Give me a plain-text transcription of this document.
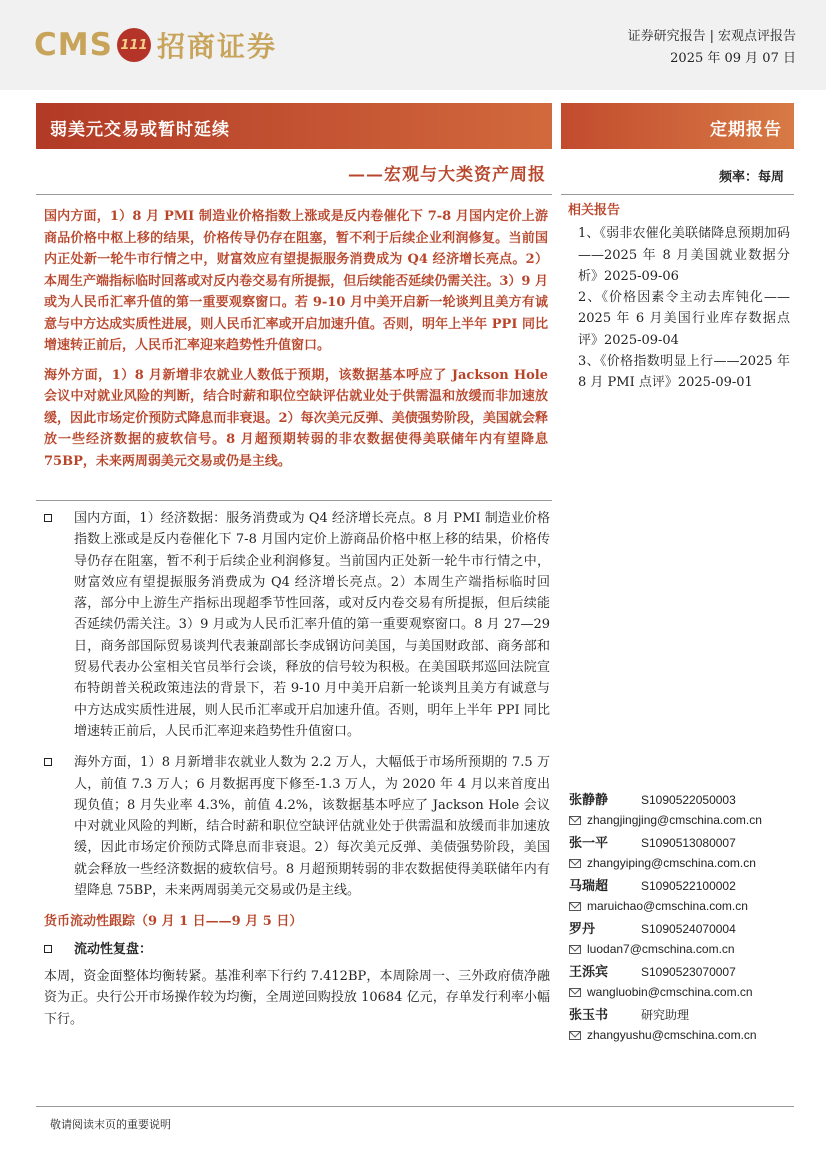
CMS 111 招商证券	证券研究报告 | 宏观点评报告
2025 年 09 月 07 日
弱美元交易或暂时延续	定期报告
——宏观与大类资产周报	频率：每周

国内方面，1）8 月 PMI 制造业价格指数上涨或是反内卷催化下 7-8 月国内定价上游商品价格中枢上移的结果，价格传导仍存在阻塞，暂不利于后续企业利润修复。当前国内正处新一轮牛市行情之中，财富效应有望提振服务消费成为 Q4 经济增长亮点。2）本周生产端指标临时回落或对反内卷交易有所提振，但后续能否延续仍需关注。3）9 月或为人民币汇率升值的第一重要观察窗口。若 9-10 月中美开启新一轮谈判且美方有诚意与中方达成实质性进展，则人民币汇率或开启加速升值。否则，明年上半年 PPI 同比增速转正前后，人民币汇率迎来趋势性升值窗口。

海外方面，1）8 月新增非农就业人数低于预期，该数据基本呼应了 Jackson Hole 会议中对就业风险的判断，结合时薪和职位空缺评估就业处于供需温和放缓而非加速放缓，因此市场定价预防式降息而非衰退。2）每次美元反弹、美债强势阶段，美国就会释放一些经济数据的疲软信号。8 月超预期转弱的非农数据使得美联储年内有望降息 75BP，未来两周弱美元交易或仍是主线。

国内方面，1）经济数据：服务消费或为 Q4 经济增长亮点。8 月 PMI 制造业价格指数上涨或是反内卷催化下 7-8 月国内定价上游商品价格中枢上移的结果，价格传导仍存在阻塞，暂不利于后续企业利润修复。当前国内正处新一轮牛市行情之中，财富效应有望提振服务消费成为 Q4 经济增长亮点。2）本周生产端指标临时回落，部分中上游生产指标出现超季节性回落，或对反内卷交易有所提振，但后续能否延续仍需关注。3）9 月或为人民币汇率升值的第一重要观察窗口。8 月 27—29 日，商务部国际贸易谈判代表兼副部长李成钢访问美国，与美国财政部、商务部和贸易代表办公室相关官员举行会谈，释放的信号较为积极。在美国联邦巡回法院宣布特朗普关税政策违法的背景下，若 9-10 月中美开启新一轮谈判且美方有诚意与中方达成实质性进展，则人民币汇率或开启加速升值。否则，明年上半年 PPI 同比增速转正前后，人民币汇率迎来趋势性升值窗口。
海外方面，1）8 月新增非农就业人数为 2.2 万人，大幅低于市场所预期的 7.5 万人，前值 7.3 万人；6 月数据再度下修至-1.3 万人，为 2020 年 4 月以来首度出现负值；8 月失业率 4.3%，前值 4.2%，该数据基本呼应了 Jackson Hole 会议中对就业风险的判断，结合时薪和职位空缺评估就业处于供需温和放缓而非加速放缓，因此市场定价预防式降息而非衰退。2）每次美元反弹、美债强势阶段，美国就会释放一些经济数据的疲软信号。8 月超预期转弱的非农数据使得美联储年内有望降息 75BP，未来两周弱美元交易或仍是主线。
货币流动性跟踪（9 月 1 日——9 月 5 日）
流动性复盘：
本周，资金面整体均衡转紧。基准利率下行约 7.412BP，本周除周一、三外政府债净融资为正。央行公开市场操作较为均衡，全周逆回购投放 10684 亿元，存单发行利率小幅下行。
相关报告
1、《弱非农催化美联储降息预期加码——2025 年 8 月美国就业数据分析》2025-09-06
2、《价格因素令主动去库钝化——2025 年 6 月美国行业库存数据点评》2025-09-04
3、《价格指数明显上行——2025 年 8 月 PMI 点评》2025-09-01
张静静	S1090522050003
zhangjingjing@cmschina.com.cn
张一平	S1090513080007
zhangyiping@cmschina.com.cn
马瑞超	S1090522100002
maruichao@cmschina.com.cn
罗丹	S1090524070004
luodan7@cmschina.com.cn
王泺宾	S1090523070007
wangluobin@cmschina.com.cn
张玉书	研究助理
zhangyushu@cmschina.com.cn
敬请阅读末页的重要说明
